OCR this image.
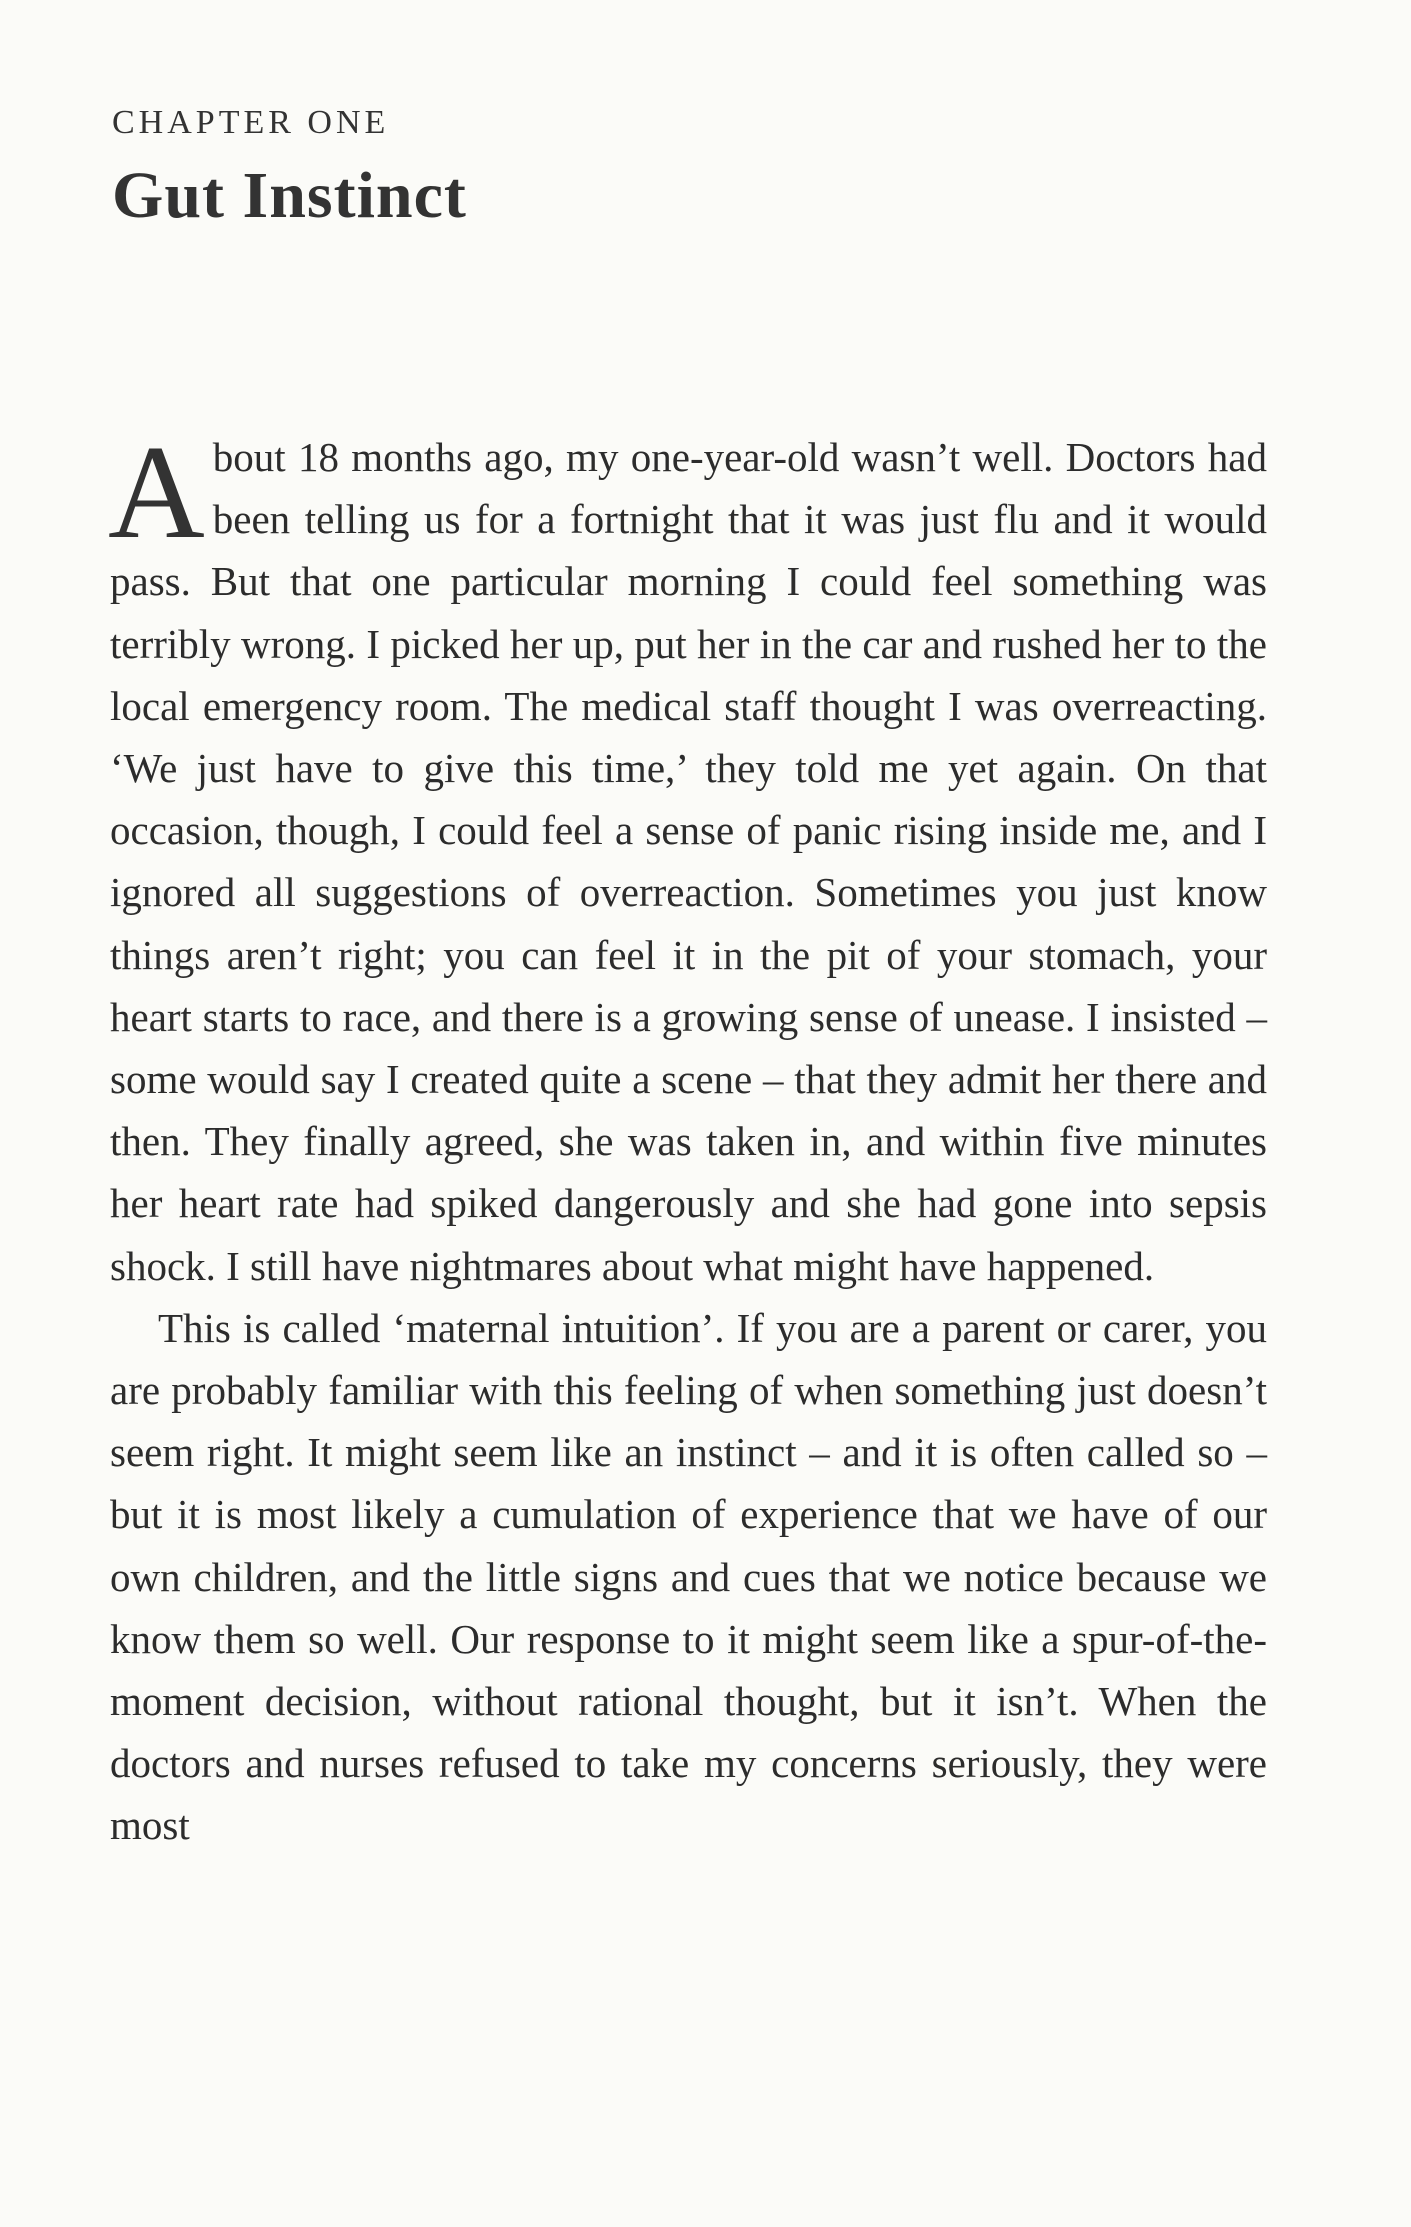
CHAPTER ONE
Gut Instinct

About 18 months ago, my one-year-old wasn’t well. Doctors had been telling us for a fortnight that it was just flu and it would pass. But that one particular morning I could feel something was terribly wrong. I picked her up, put her in the car and rushed her to the local emergency room. The medical staff thought I was overreacting. ‘We just have to give this time,’ they told me yet again. On that occasion, though, I could feel a sense of panic rising inside me, and I ignored all suggestions of overreaction. Sometimes you just know things aren’t right; you can feel it in the pit of your stomach, your heart starts to race, and there is a growing sense of unease. I insisted – some would say I created quite a scene – that they admit her there and then. They finally agreed, she was taken in, and within five minutes her heart rate had spiked dangerously and she had gone into sepsis shock. I still have nightmares about what might have happened.

This is called ‘maternal intuition’. If you are a parent or carer, you are probably familiar with this feeling of when something just doesn’t seem right. It might seem like an instinct – and it is often called so – but it is most likely a cumulation of experience that we have of our own children, and the little signs and cues that we notice because we know them so well. Our response to it might seem like a spur-of-the-moment decision, without rational thought, but it isn’t. When the doctors and nurses refused to take my concerns seriously, they were most
